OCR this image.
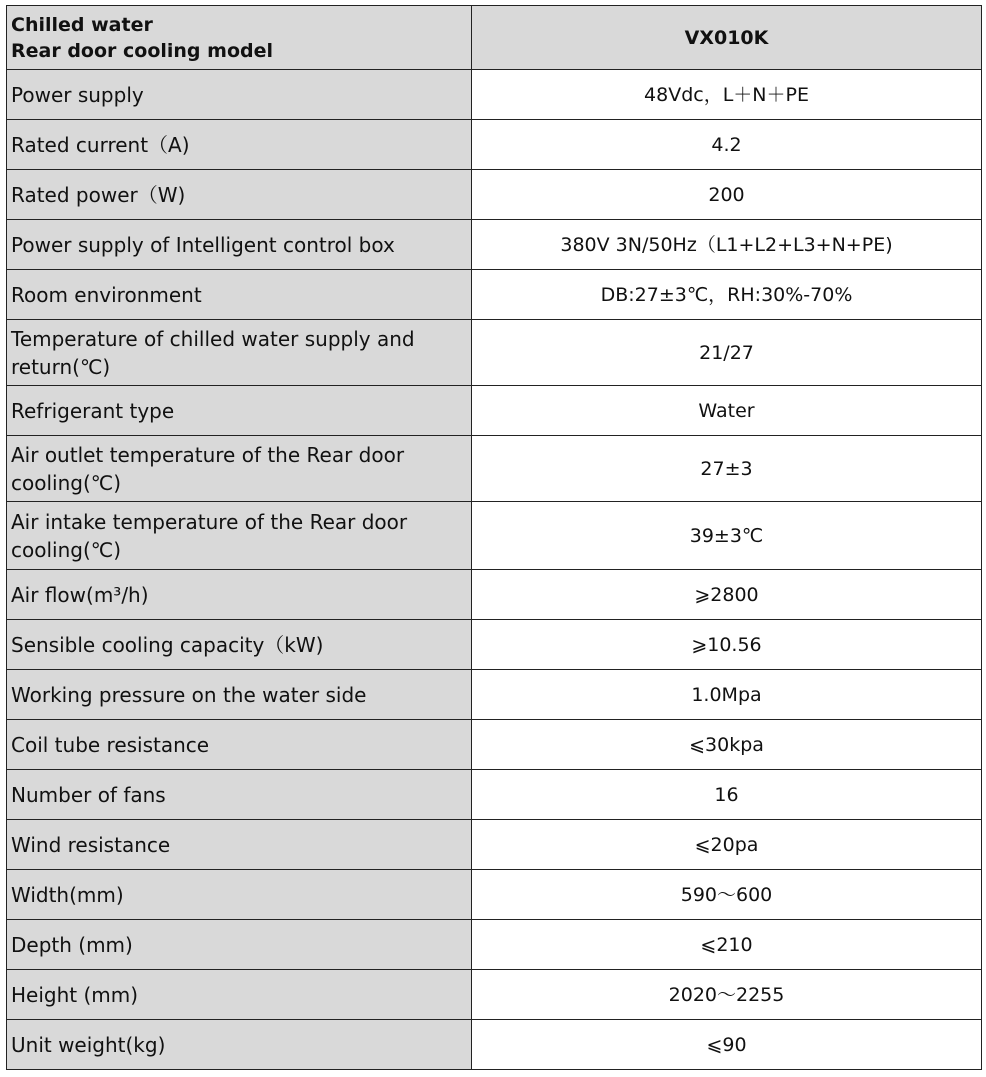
Chilled water
Rear door cooling model	VX010K
Power supply	48Vdc，L＋N＋PE
Rated current（A)	4.2
Rated power（W)	200
Power supply of Intelligent control box	380V 3N/50Hz（L1+L2+L3+N+PE)
Room environment	DB:27±3℃，RH:30%-70%
Temperature of chilled water supply and return(℃)	21/27
Refrigerant type	Water
Air outlet temperature of the Rear door cooling(℃)	27±3
Air intake temperature of the Rear door cooling(℃)	39±3℃
Air flow(m³/h)	⩾2800
Sensible cooling capacity（kW)	⩾10.56
Working pressure on the water side	1.0Mpa
Coil tube resistance	⩽30kpa
Number of fans	16
Wind resistance	⩽20pa
Width(mm)	590～600
Depth (mm)	⩽210
Height (mm)	2020～2255
Unit weight(kg)	⩽90
